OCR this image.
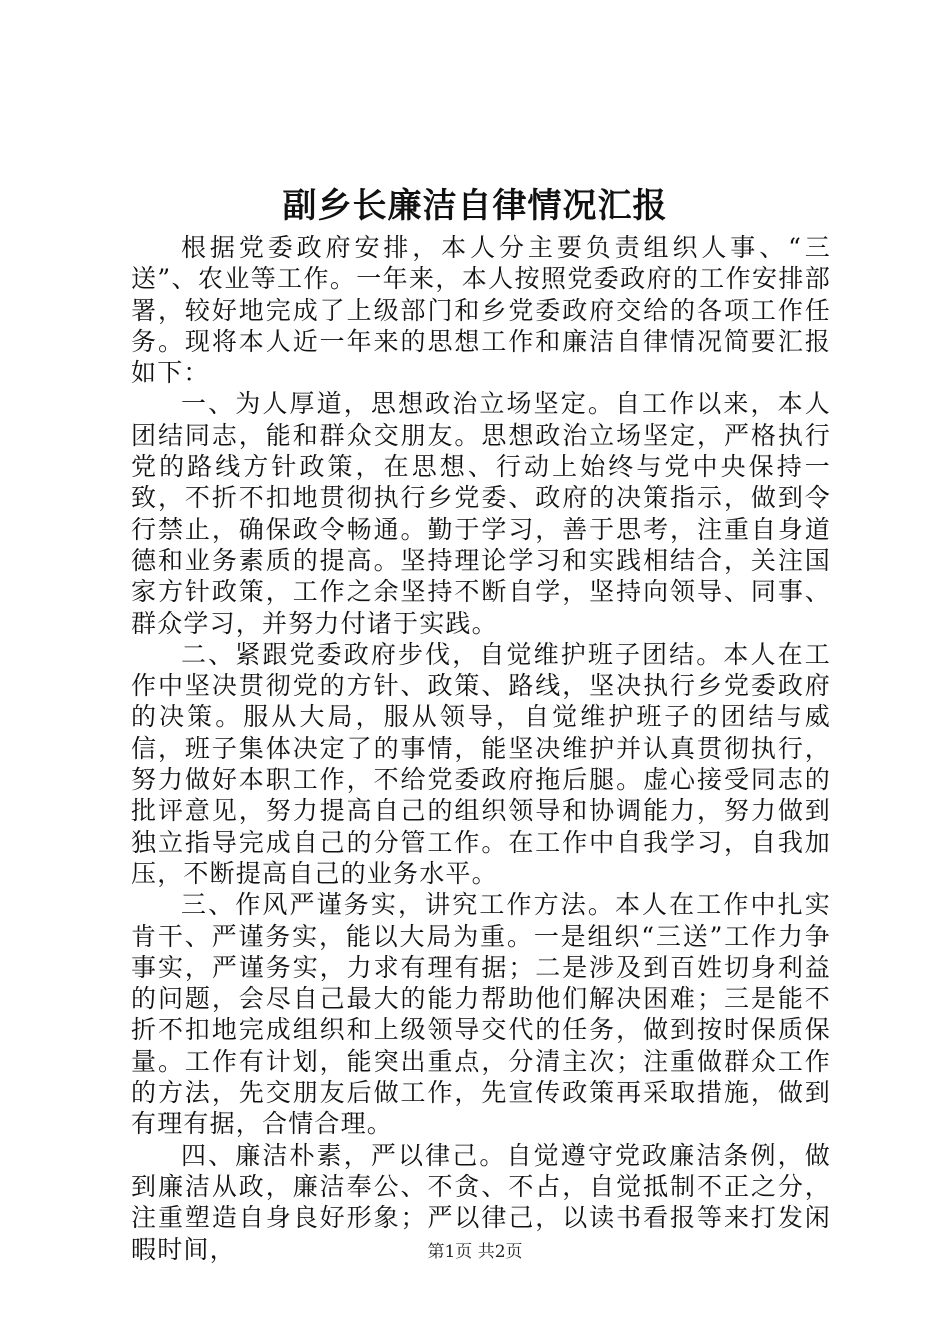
副乡长廉洁自律情况汇报

根据党委政府安排，本人分主要负责组织人事、“三送”、农业等工作。一年来，本人按照党委政府的工作安排部署，较好地完成了上级部门和乡党委政府交给的各项工作任务。现将本人近一年来的思想工作和廉洁自律情况简要汇报如下：

一、为人厚道，思想政治立场坚定。自工作以来，本人团结同志，能和群众交朋友。思想政治立场坚定，严格执行党的路线方针政策，在思想、行动上始终与党中央保持一致，不折不扣地贯彻执行乡党委、政府的决策指示，做到令行禁止，确保政令畅通。勤于学习，善于思考，注重自身道德和业务素质的提高。坚持理论学习和实践相结合，关注国家方针政策，工作之余坚持不断自学，坚持向领导、同事、群众学习，并努力付诸于实践。

二、紧跟党委政府步伐，自觉维护班子团结。本人在工作中坚决贯彻党的方针、政策、路线，坚决执行乡党委政府的决策。服从大局，服从领导，自觉维护班子的团结与威信，班子集体决定了的事情，能坚决维护并认真贯彻执行，努力做好本职工作，不给党委政府拖后腿。虚心接受同志的批评意见，努力提高自己的组织领导和协调能力，努力做到独立指导完成自己的分管工作。在工作中自我学习，自我加压，不断提高自己的业务水平。

三、作风严谨务实，讲究工作方法。本人在工作中扎实肯干、严谨务实，能以大局为重。一是组织“三送”工作力争事实，严谨务实，力求有理有据；二是涉及到百姓切身利益的问题，会尽自己最大的能力帮助他们解决困难；三是能不折不扣地完成组织和上级领导交代的任务，做到按时保质保量。工作有计划，能突出重点，分清主次；注重做群众工作的方法，先交朋友后做工作，先宣传政策再采取措施，做到有理有据，合情合理。

四、廉洁朴素，严以律己。自觉遵守党政廉洁条例，做到廉洁从政，廉洁奉公、不贪、不占，自觉抵制不正之分，注重塑造自身良好形象；严以律己，以读书看报等来打发闲暇时间，	第1页 共2页
